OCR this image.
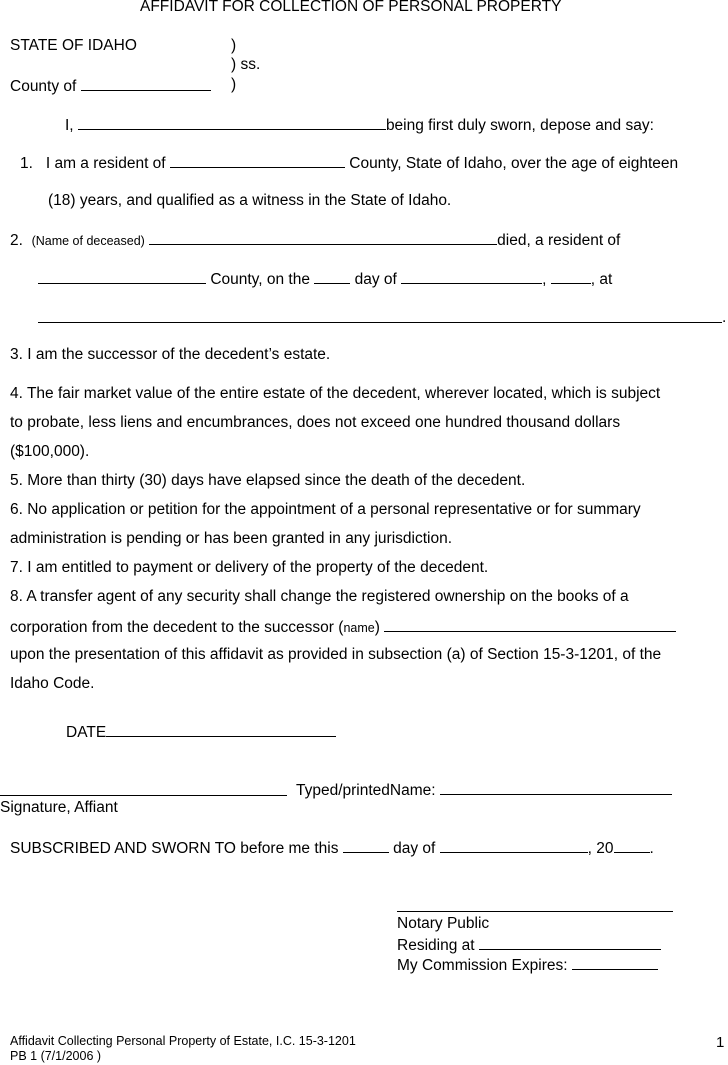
AFFIDAVIT FOR COLLECTION OF PERSONAL PROPERTY
STATE OF IDAHO	)
) ss.
County of	)
I,	being first duly sworn, depose and say:
1. I am a resident of	County, State of Idaho, over the age of eighteen
(18) years, and qualified as a witness in the State of Idaho.
2. (Name of deceased)	died, a resident of
County, on the	day of	,	, at
.
3. I am the successor of the decedent’s estate.
4. The fair market value of the entire estate of the decedent, wherever located, which is subject
to probate, less liens and encumbrances, does not exceed one hundred thousand dollars
($100,000).
5. More than thirty (30) days have elapsed since the death of the decedent.
6. No application or petition for the appointment of a personal representative or for summary
administration is pending or has been granted in any jurisdiction.
7. I am entitled to payment or delivery of the property of the decedent.
8. A transfer agent of any security shall change the registered ownership on the books of a
corporation from the decedent to the successor (name)
upon the presentation of this affidavit as provided in subsection (a) of Section 15-3-1201, of the
Idaho Code.
DATE
Typed/printedName:
Signature, Affiant
SUBSCRIBED AND SWORN TO before me this	day of	, 20 .
Notary Public
Residing at
My Commission Expires:
Affidavit Collecting Personal Property of Estate, I.C. 15-3-1201
PB 1 (7/1/2006 )
1
